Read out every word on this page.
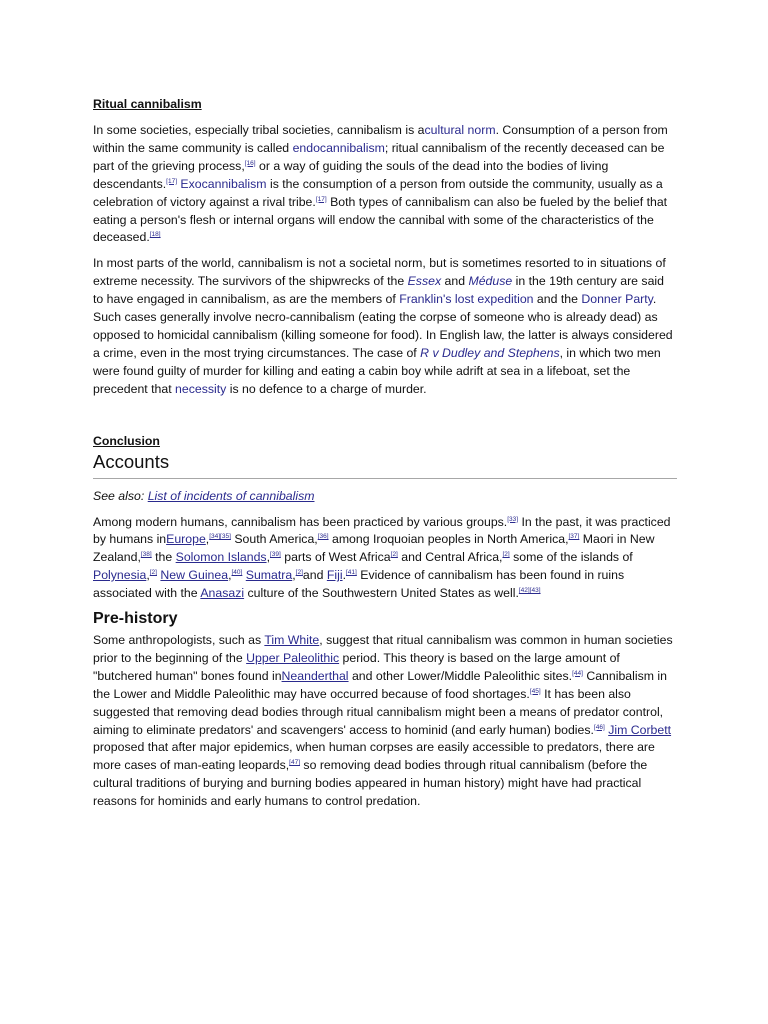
Ritual cannibalism

In some societies, especially tribal societies, cannibalism is acultural norm. Consumption of a person from within the same community is called endocannibalism; ritual cannibalism of the recently deceased can be part of the grieving process,[16] or a way of guiding the souls of the dead into the bodies of living descendants.[17] Exocannibalism is the consumption of a person from outside the community, usually as a celebration of victory against a rival tribe.[17] Both types of cannibalism can also be fueled by the belief that eating a person's flesh or internal organs will endow the cannibal with some of the characteristics of the deceased.[18]

In most parts of the world, cannibalism is not a societal norm, but is sometimes resorted to in situations of extreme necessity. The survivors of the shipwrecks of the Essex and Méduse in the 19th century are said to have engaged in cannibalism, as are the members of Franklin's lost expedition and the Donner Party. Such cases generally involve necro-cannibalism (eating the corpse of someone who is already dead) as opposed to homicidal cannibalism (killing someone for food). In English law, the latter is always considered a crime, even in the most trying circumstances. The case of R v Dudley and Stephens, in which two men were found guilty of murder for killing and eating a cabin boy while adrift at sea in a lifeboat, set the precedent that necessity is no defence to a charge of murder.

Conclusion
Accounts

See also: List of incidents of cannibalism

Among modern humans, cannibalism has been practiced by various groups.[33] In the past, it was practiced by humans inEurope,[34][35] South America,[36] among Iroquoian peoples in North America,[37] Maori in New Zealand,[38] the Solomon Islands,[39] parts of West Africa[2] and Central Africa,[2] some of the islands of Polynesia,[2] New Guinea,[40] Sumatra,[2]and Fiji.[41] Evidence of cannibalism has been found in ruins associated with the Anasazi culture of the Southwestern United States as well.[42][43]

Pre-history

Some anthropologists, such as Tim White, suggest that ritual cannibalism was common in human societies prior to the beginning of the Upper Paleolithic period. This theory is based on the large amount of "butchered human" bones found inNeanderthal and other Lower/Middle Paleolithic sites.[44] Cannibalism in the Lower and Middle Paleolithic may have occurred because of food shortages.[45] It has been also suggested that removing dead bodies through ritual cannibalism might been a means of predator control, aiming to eliminate predators' and scavengers' access to hominid (and early human) bodies.[46] Jim Corbett proposed that after major epidemics, when human corpses are easily accessible to predators, there are more cases of man-eating leopards,[47] so removing dead bodies through ritual cannibalism (before the cultural traditions of burying and burning bodies appeared in human history) might have had practical reasons for hominids and early humans to control predation.
